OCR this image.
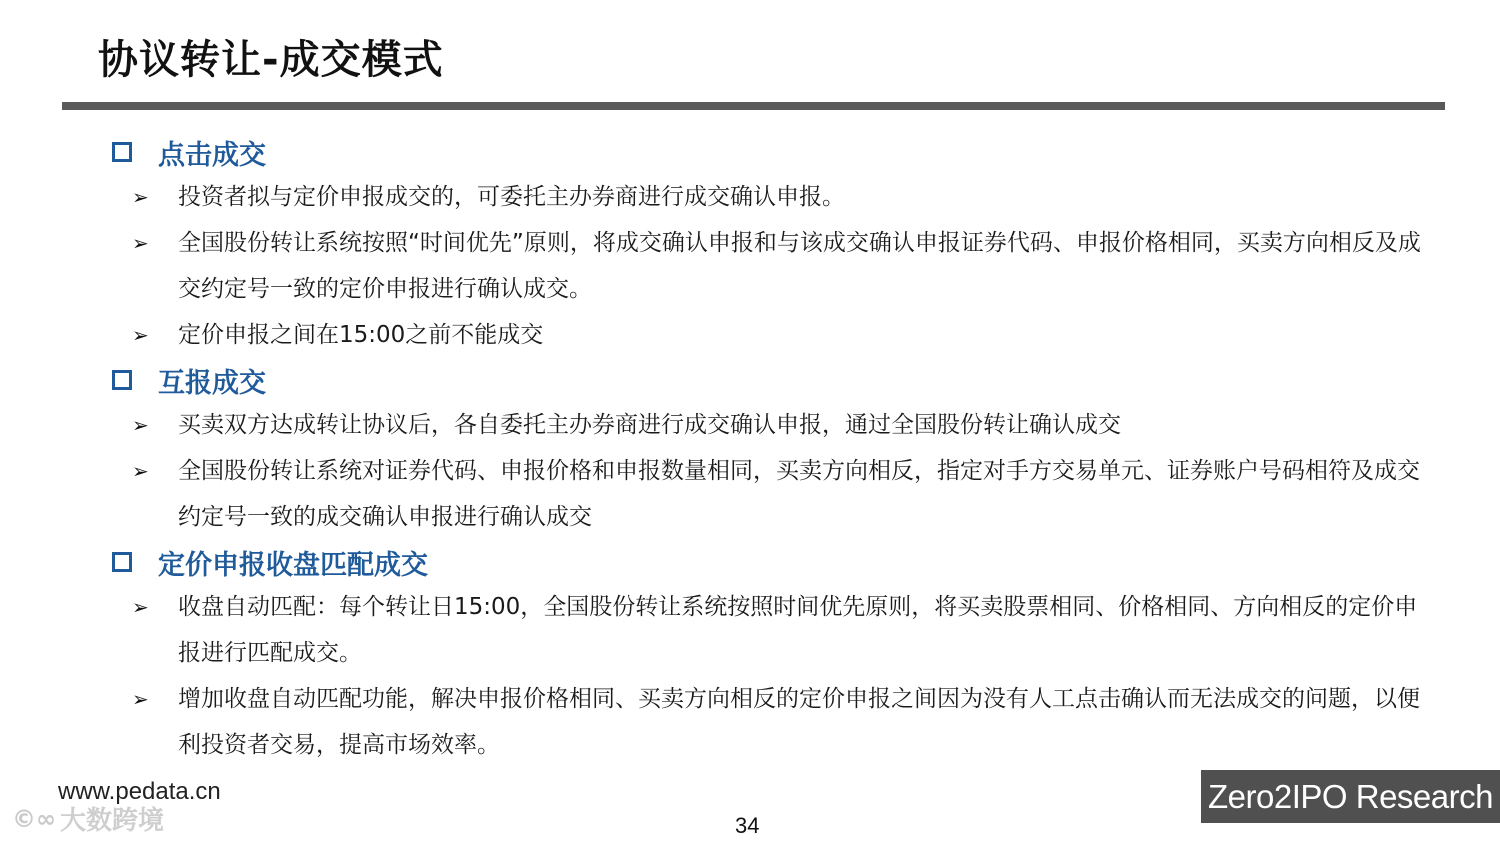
协议转让-成交模式
点击成交
➢	投资者拟与定价申报成交的，可委托主办券商进行成交确认申报。
➢	全国股份转让系统按照“时间优先”原则，将成交确认申报和与该成交确认申报证券代码、申报价格相同，买卖方向相反及成交约定号一致的定价申报进行确认成交。
➢	定价申报之间在15:00之前不能成交
互报成交
➢	买卖双方达成转让协议后，各自委托主办券商进行成交确认申报，通过全国股份转让确认成交
➢	全国股份转让系统对证券代码、申报价格和申报数量相同，买卖方向相反，指定对手方交易单元、证券账户号码相符及成交约定号一致的成交确认申报进行确认成交
定价申报收盘匹配成交
➢	收盘自动匹配：每个转让日15:00，全国股份转让系统按照时间优先原则，将买卖股票相同、价格相同、方向相反的定价申报进行匹配成交。
➢	增加收盘自动匹配功能，解决申报价格相同、买卖方向相反的定价申报之间因为没有人工点击确认而无法成交的问题，以便利投资者交易，提高市场效率。
www.pedata.cn
©∞ 大数跨境	34
Zero2IPO Research
